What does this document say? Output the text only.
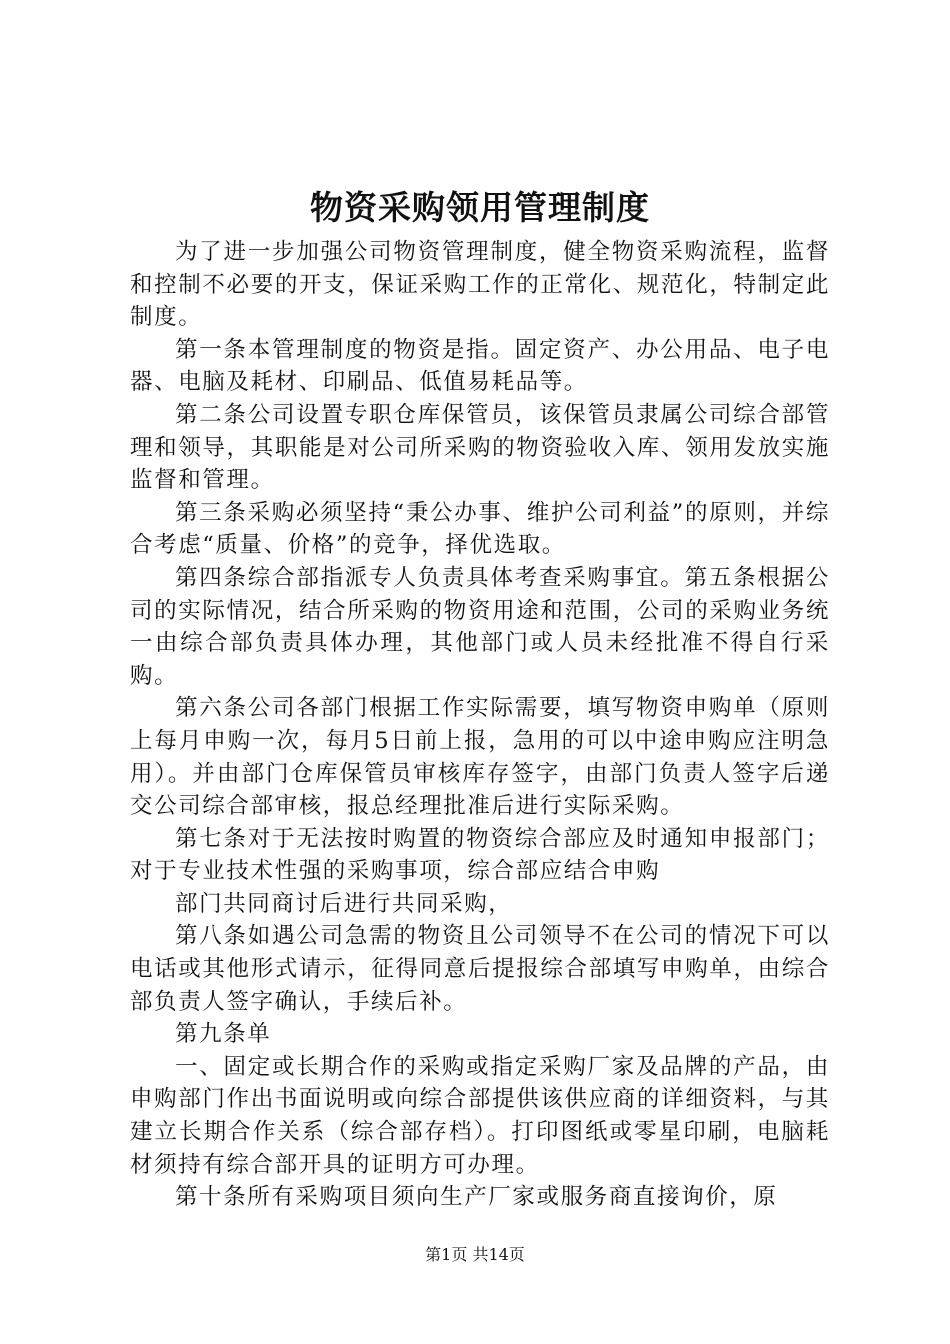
物资采购领用管理制度

为了进一步加强公司物资管理制度，健全物资采购流程，监督和控制不必要的开支，保证采购工作的正常化、规范化，特制定此制度。

第一条本管理制度的物资是指。固定资产、办公用品、电子电器、电脑及耗材、印刷品、低值易耗品等。

第二条公司设置专职仓库保管员，该保管员隶属公司综合部管理和领导，其职能是对公司所采购的物资验收入库、领用发放实施监督和管理。

第三条采购必须坚持“秉公办事、维护公司利益”的原则，并综合考虑“质量、价格”的竞争，择优选取。

第四条综合部指派专人负责具体考查采购事宜。第五条根据公司的实际情况，结合所采购的物资用途和范围，公司的采购业务统一由综合部负责具体办理，其他部门或人员未经批准不得自行采购。

第六条公司各部门根据工作实际需要，填写物资申购单（原则上每月申购一次，每月5日前上报，急用的可以中途申购应注明急用）。并由部门仓库保管员审核库存签字，由部门负责人签字后递交公司综合部审核，报总经理批准后进行实际采购。

第七条对于无法按时购置的物资综合部应及时通知申报部门；对于专业技术性强的采购事项，综合部应结合申购

部门共同商讨后进行共同采购，

第八条如遇公司急需的物资且公司领导不在公司的情况下可以电话或其他形式请示，征得同意后提报综合部填写申购单，由综合部负责人签字确认，手续后补。

第九条单

一、固定或长期合作的采购或指定采购厂家及品牌的产品，由申购部门作出书面说明或向综合部提供该供应商的详细资料，与其建立长期合作关系（综合部存档）。打印图纸或零星印刷，电脑耗材须持有综合部开具的证明方可办理。

第十条所有采购项目须向生产厂家或服务商直接询价，原

第1页 共14页
